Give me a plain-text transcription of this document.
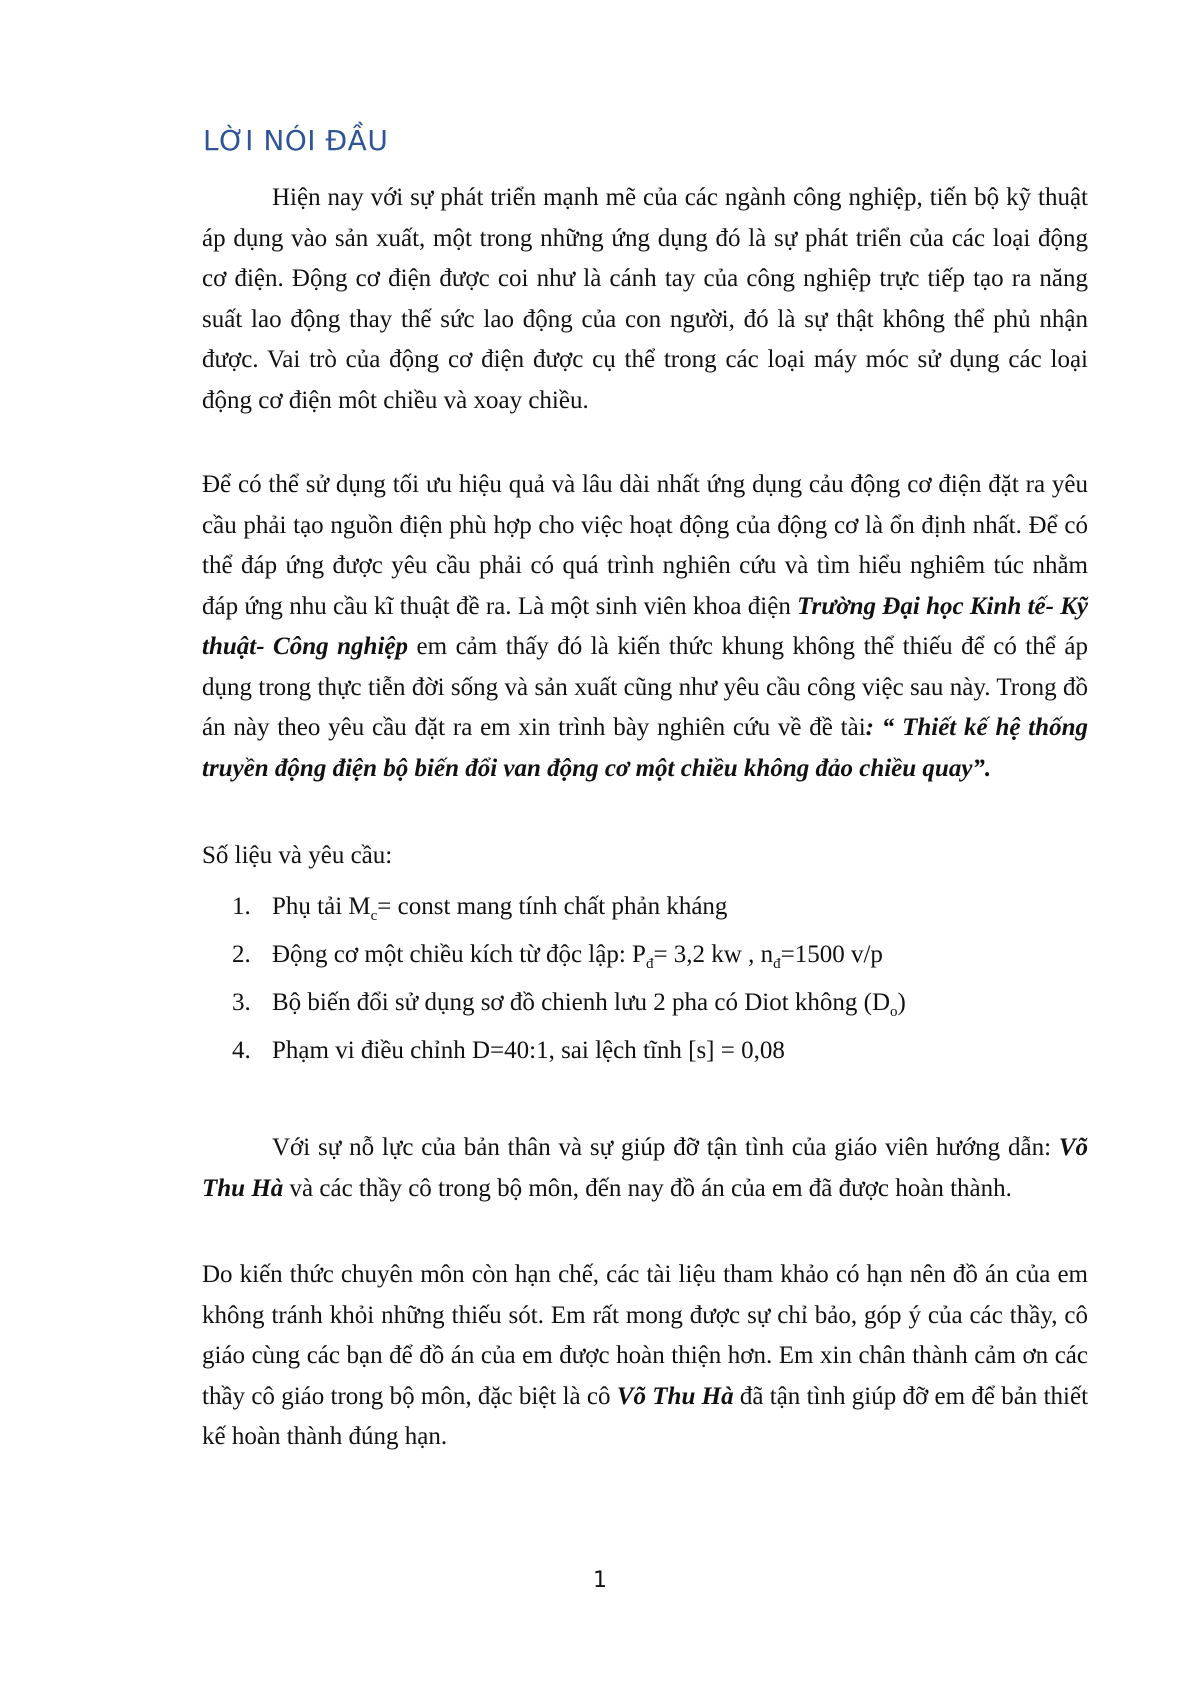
LỜI NÓI ĐẦU

Hiện nay với sự phát triển mạnh mẽ của các ngành công nghiệp, tiến bộ kỹ thuật áp dụng vào sản xuất, một trong những ứng dụng đó là sự phát triển của các loại động cơ điện. Động cơ điện được coi như là cánh tay của công nghiệp trực tiếp tạo ra năng suất lao động thay thế sức lao động của con người, đó là sự thật không thể phủ nhận được. Vai trò của động cơ điện được cụ thể trong các loại máy móc sử dụng các loại động cơ điện môt chiều và xoay chiều.

Để có thể sử dụng tối ưu hiệu quả và lâu dài nhất ứng dụng cảu động cơ điện đặt ra yêu cầu phải tạo nguồn điện phù hợp cho việc hoạt động của động cơ là ổn định nhất. Để có thể đáp ứng được yêu cầu phải có quá trình nghiên cứu và tìm hiểu nghiêm túc nhằm đáp ứng nhu cầu kĩ thuật đề ra. Là một sinh viên khoa điện Trường Đại học Kinh tế- Kỹ thuật- Công nghiệp em cảm thấy đó là kiến thức khung không thể thiếu để có thể áp dụng trong thực tiễn đời sống và sản xuất cũng như yêu cầu công việc sau này. Trong đồ án này theo yêu cầu đặt ra em xin trình bày nghiên cứu về đề tài: “ Thiết kế hệ thống truyền động điện bộ biến đổi van động cơ một chiều không đảo chiều quay”.

Số liệu và yêu cầu:

1. Phụ tải $M_c=$ const mang tính chất phản kháng
2. Động cơ một chiều kích từ độc lập: $P_đ= 3,2$ kw , $n_đ=1500$ v/p
3. Bộ biến đổi sử dụng sơ đồ chienh lưu 2 pha có Diot không $(D_o)$
4. Phạm vi điều chỉnh D=40:1, sai lệch tĩnh [s] = 0,08

Với sự nỗ lực của bản thân và sự giúp đỡ tận tình của giáo viên hướng dẫn: Võ Thu Hà và các thầy cô trong bộ môn, đến nay đồ án của em đã được hoàn thành.

Do kiến thức chuyên môn còn hạn chế, các tài liệu tham khảo có hạn nên đồ án của em không tránh khỏi những thiếu sót. Em rất mong được sự chỉ bảo, góp ý của các thầy, cô giáo cùng các bạn để đồ án của em được hoàn thiện hơn. Em xin chân thành cảm ơn các thầy cô giáo trong bộ môn, đặc biệt là cô Võ Thu Hà đã tận tình giúp đỡ em để bản thiết kế hoàn thành đúng hạn.

1
